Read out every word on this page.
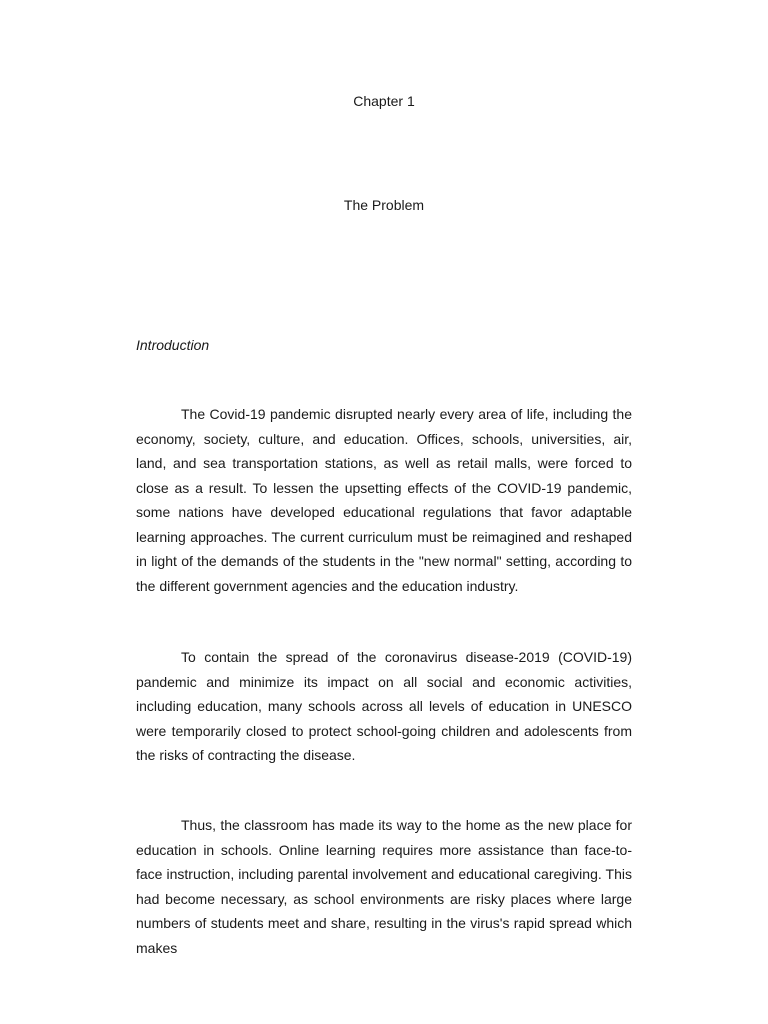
Chapter 1
The Problem
Introduction

The Covid-19 pandemic disrupted nearly every area of life, including the economy, society, culture, and education. Offices, schools, universities, air, land, and sea transportation stations, as well as retail malls, were forced to close as a result. To lessen the upsetting effects of the COVID-19 pandemic, some nations have developed educational regulations that favor adaptable learning approaches. The current curriculum must be reimagined and reshaped in light of the demands of the students in the "new normal" setting, according to the different government agencies and the education industry.

To contain the spread of the coronavirus disease-2019 (COVID-19) pandemic and minimize its impact on all social and economic activities, including education, many schools across all levels of education in UNESCO were temporarily closed to protect school-going children and adolescents from the risks of contracting the disease.

Thus, the classroom has made its way to the home as the new place for education in schools. Online learning requires more assistance than face-to-face instruction, including parental involvement and educational caregiving. This had become necessary, as school environments are risky places where large numbers of students meet and share, resulting in the virus's rapid spread which makes
